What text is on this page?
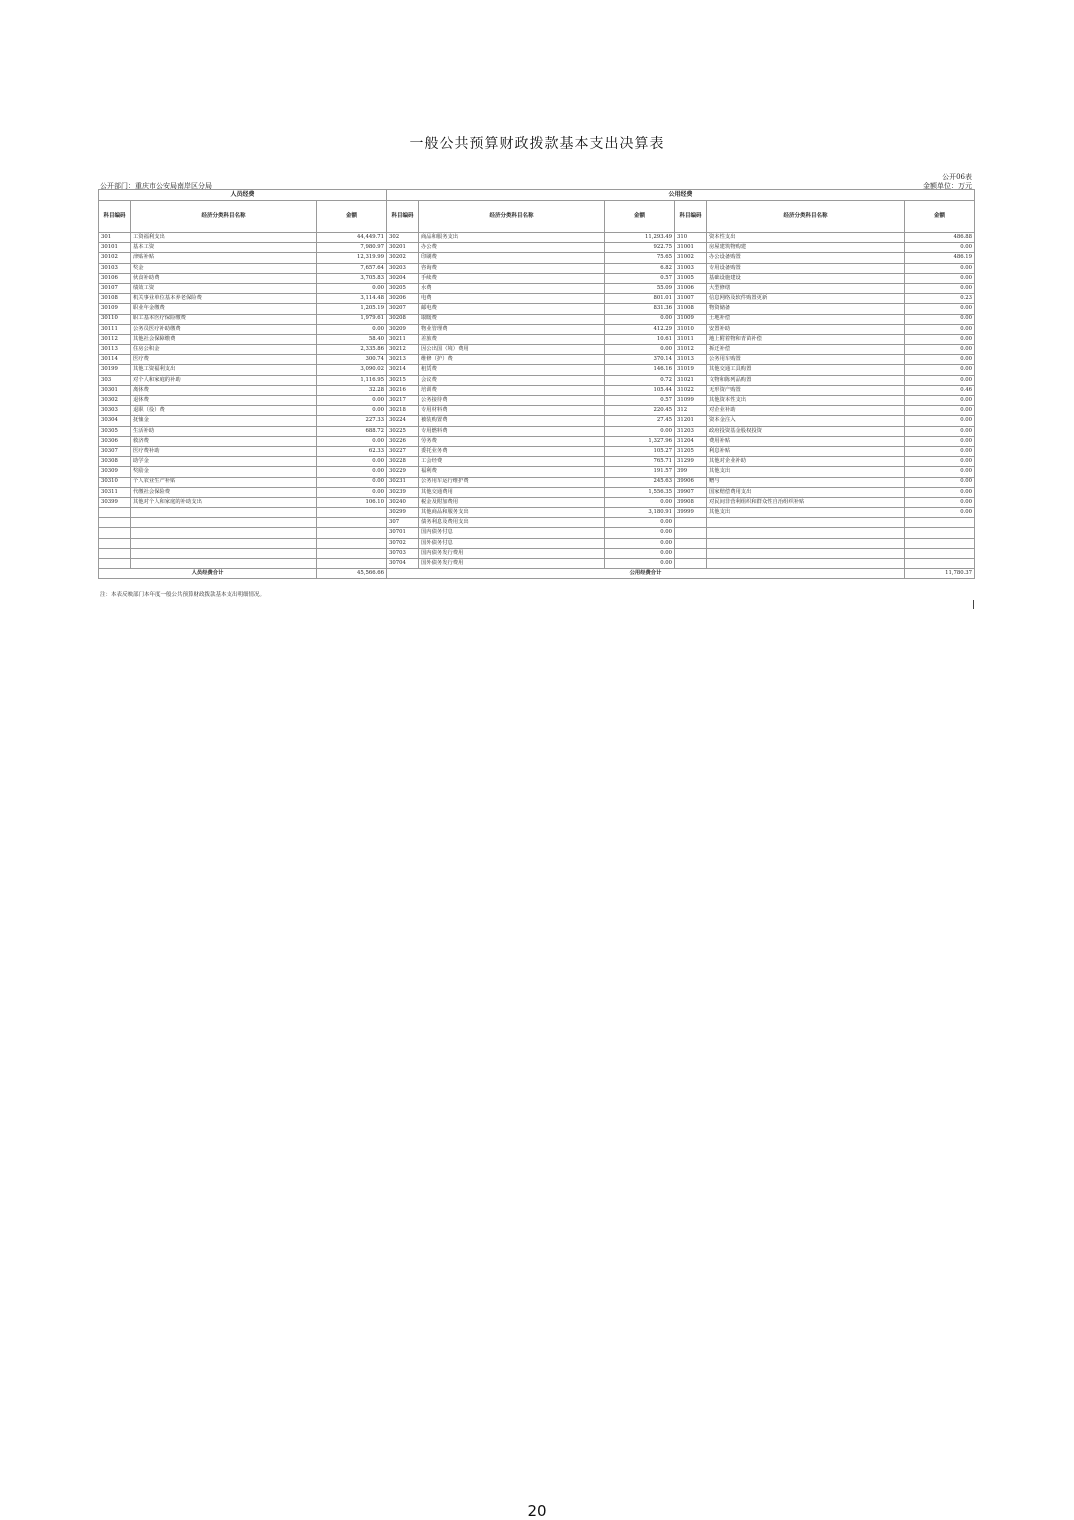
一般公共预算财政拨款基本支出决算表
公开06表
公开部门：重庆市公安局南岸区分局	金额单位：万元
人员经费			公用经费					
科目编码	经济分类科目名称	金额	科目编码	经济分类科目名称	金额	科目编码	经济分类科目名称	金额
301	工资福利支出	44,449.71	302	商品和服务支出	11,293.49	310	资本性支出	486.88
30101	基本工资	7,980.97	30201	办公费	922.75	31001	房屋建筑物购建	0.00
30102	津贴补贴	12,319.99	30202	印刷费	75.65	31002	办公设备购置	486.19
30103	奖金	7,657.64	30203	咨询费	6.82	31003	专用设备购置	0.00
30106	伙食补助费	3,705.83	30204	手续费	0.57	31005	基础设施建设	0.00
30107	绩效工资	0.00	30205	水费	55.09	31006	大型修缮	0.00
30108	机关事业单位基本养老保险费	3,114.48	30206	电费	801.01	31007	信息网络及软件购置更新	0.23
30109	职业年金缴费	1,205.19	30207	邮电费	831.36	31008	物资储备	0.00
30110	职工基本医疗保险缴费	1,979.61	30208	取暖费	0.00	31009	土地补偿	0.00
30111	公务员医疗补助缴费	0.00	30209	物业管理费	412.29	31010	安置补助	0.00
30112	其他社会保障缴费	58.40	30211	差旅费	10.61	31011	地上附着物和青苗补偿	0.00
30113	住房公积金	2,335.86	30212	因公出国（境）费用	0.00	31012	拆迁补偿	0.00
30114	医疗费	300.74	30213	维修（护）费	370.14	31013	公务用车购置	0.00
30199	其他工资福利支出	3,090.02	30214	租赁费	146.16	31019	其他交通工具购置	0.00
303	对个人和家庭的补助	1,116.95	30215	会议费	0.72	31021	文物和陈列品购置	0.00
30301	离休费	32.28	30216	培训费	105.44	31022	无形资产购置	0.46
30302	退休费	0.00	30217	公务接待费	0.57	31099	其他资本性支出	0.00
30303	退职（役）费	0.00	30218	专用材料费	220.45	312	对企业补助	0.00
30304	抚恤金	227.33	30224	被装购置费	27.45	31201	资本金注入	0.00
30305	生活补助	688.72	30225	专用燃料费	0.00	31203	政府投资基金股权投资	0.00
30306	救济费	0.00	30226	劳务费	1,327.96	31204	费用补贴	0.00
30307	医疗费补助	62.33	30227	委托业务费	105.27	31205	利息补贴	0.00
30308	助学金	0.00	30228	工会经费	765.71	31299	其他对企业补助	0.00
30309	奖励金	0.00	30229	福利费	191.57	399	其他支出	0.00
30310	个人农业生产补贴	0.00	30231	公务用车运行维护费	245.63	39906	赠与	0.00
30311	代缴社会保险费	0.00	30239	其他交通费用	1,556.35	39907	国家赔偿费用支出	0.00
30399	其他对个人和家庭的补助支出	106.10	30240	税金及附加费用	0.00	39908	对民间非营利组织和群众性自治组织补贴	0.00
			30299	其他商品和服务支出	3,180.91	39999	其他支出	0.00
			307	债务利息及费用支出	0.00			
			30701	国内债务付息	0.00			
			30702	国外债务付息	0.00			
			30703	国内债务发行费用	0.00			
			30704	国外债务发行费用	0.00			
人员经费合计		45,566.66	公用经费合计					11,780.37
注：本表反映部门本年度一般公共预算财政拨款基本支出明细情况。
20
